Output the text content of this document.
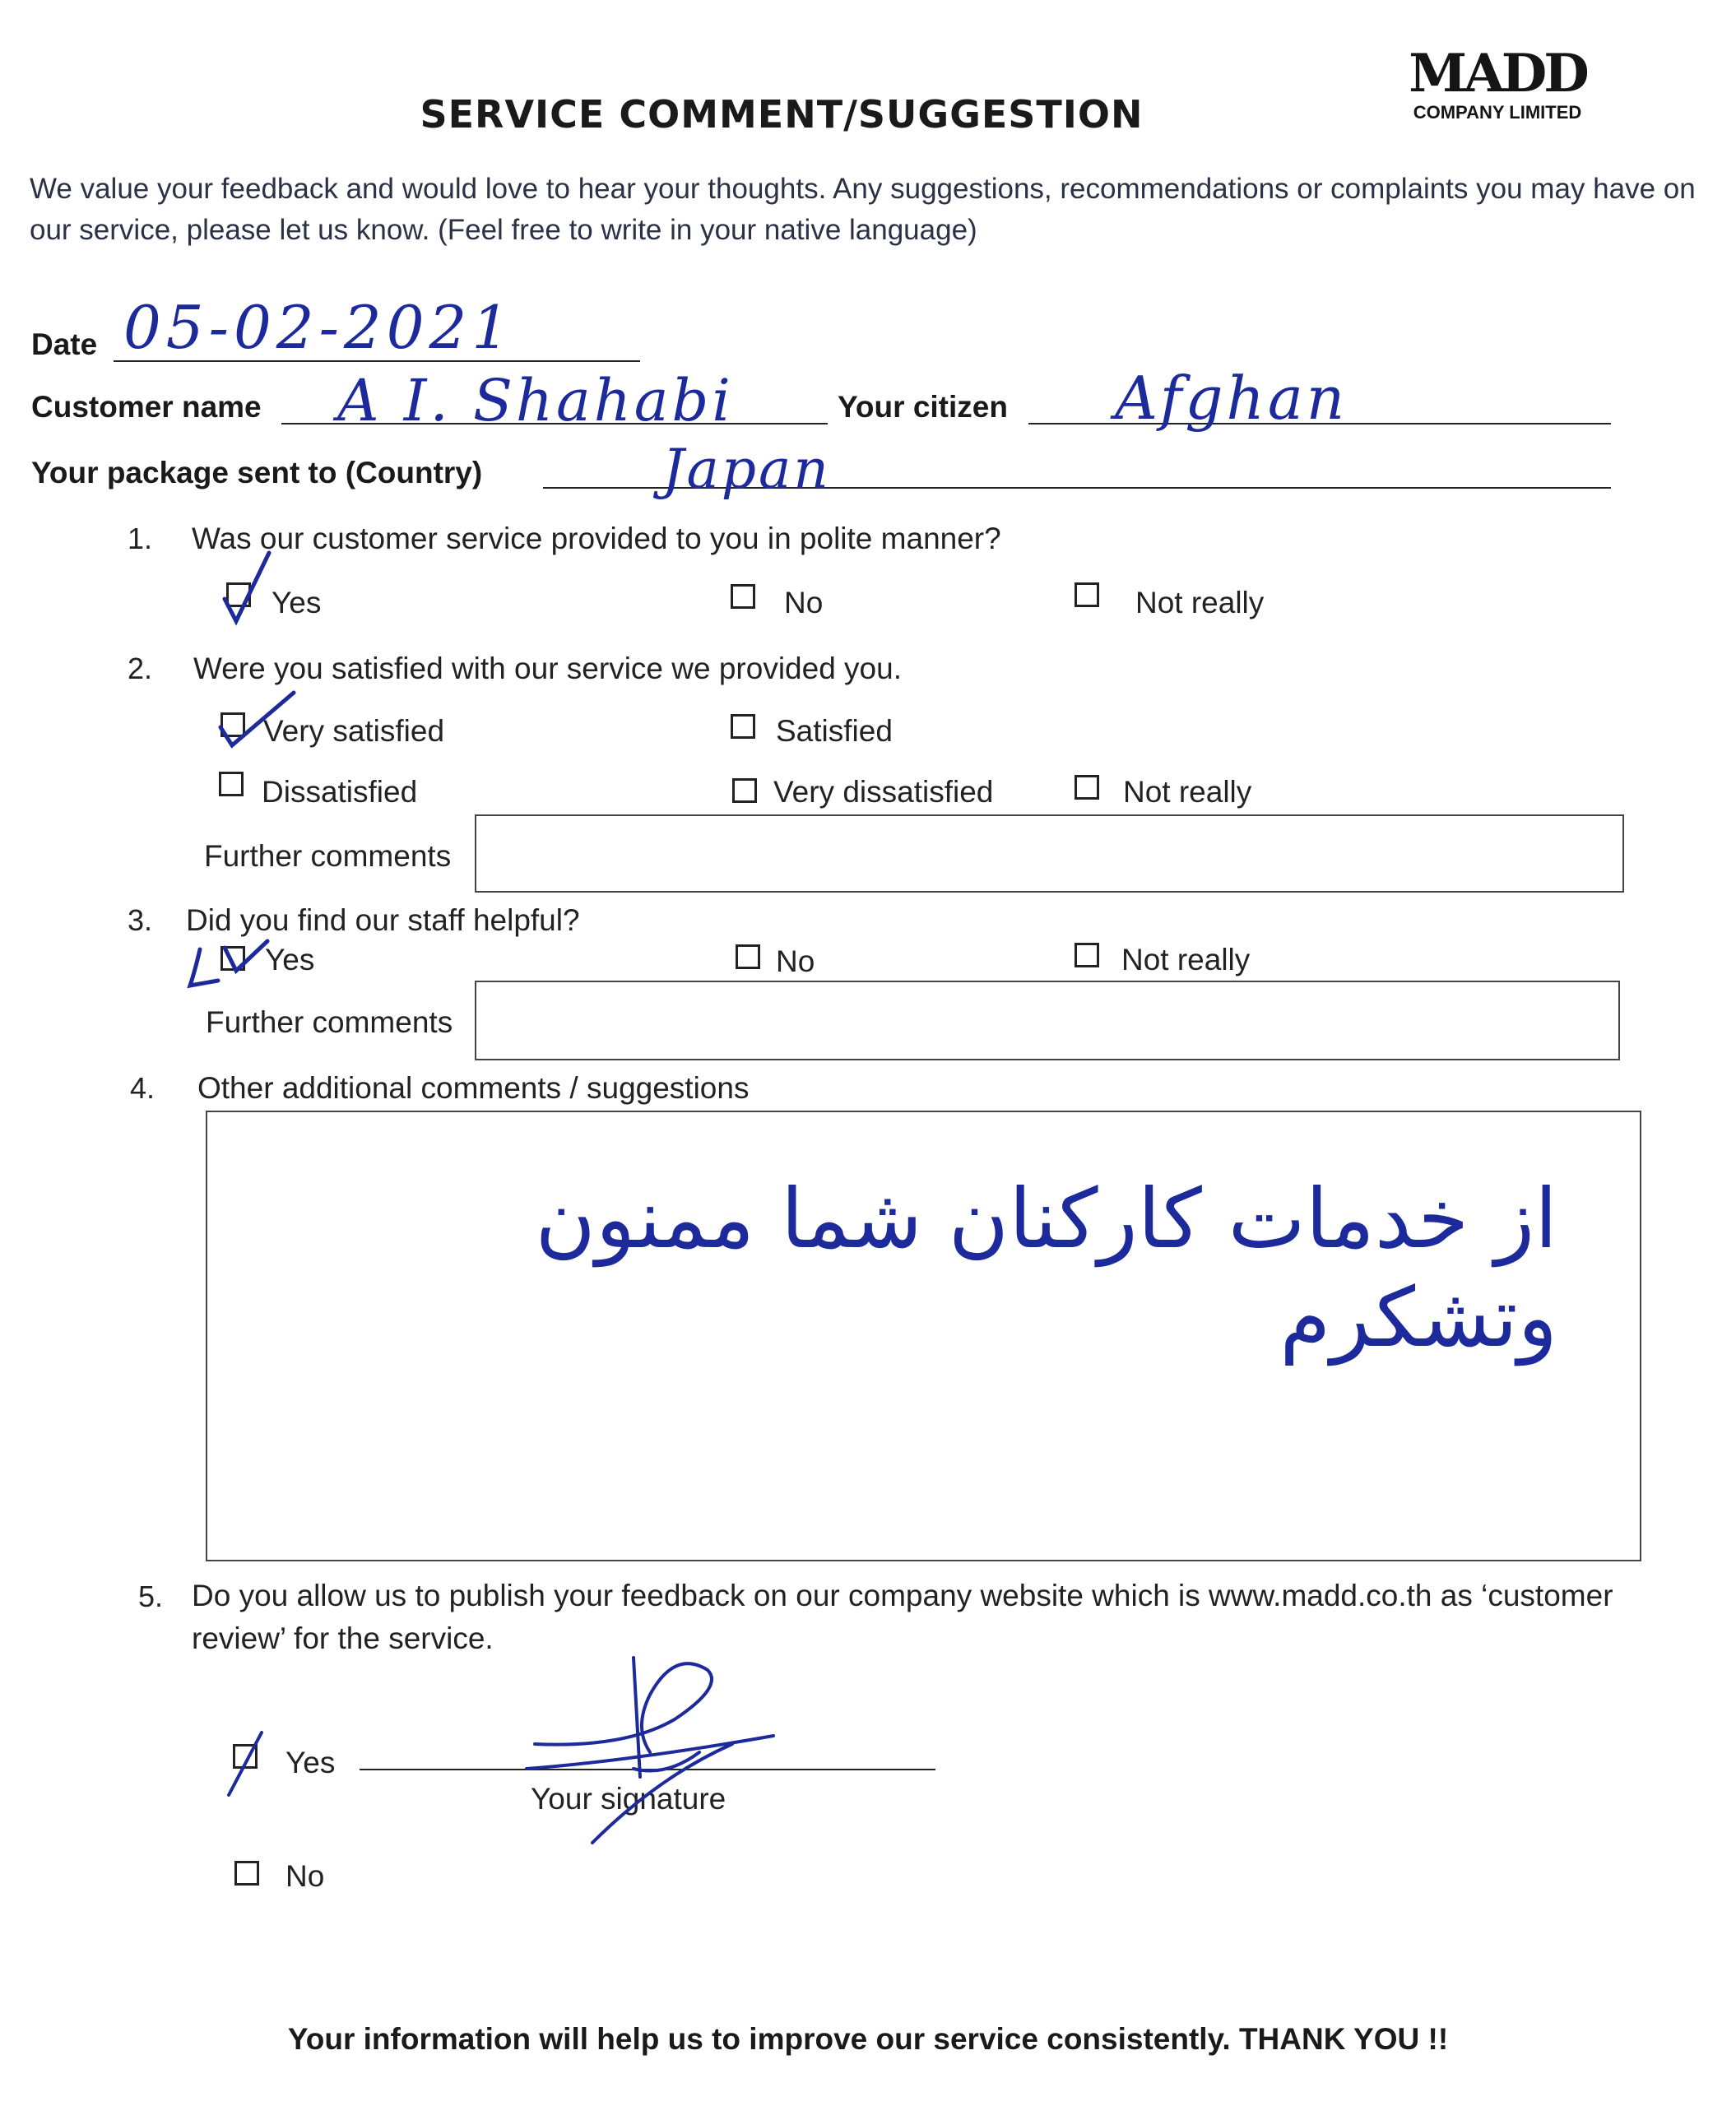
SERVICE COMMENT/SUGGESTION
MADD
COMPANY LIMITED
We value your feedback and would love to hear your thoughts. Any suggestions, recommendations or complaints you may have on our service, please let us know. (Feel free to write in your native language)
Date 05-02-2021
Customer name A I. Shahabi	Your citizen Afghan
Your package sent to (Country)	Japan
1. Was our customer service provided to you in polite manner?
Yes	No	Not really
2. Were you satisfied with our service we provided you.
Very satisfied	Satisfied
Dissatisfied	Very dissatisfied	Not really
Further comments
3. Did you find our staff helpful?
Yes	No	Not really
Further comments
4. Other additional comments / suggestions
از خدمات کارکنان شما ممنون وتشکرم
5. Do you allow us to publish your feedback on our company website which is www.madd.co.th as ‘customer review’ for the service.
Yes
Your signature
No
Your information will help us to improve our service consistently. THANK YOU !!
